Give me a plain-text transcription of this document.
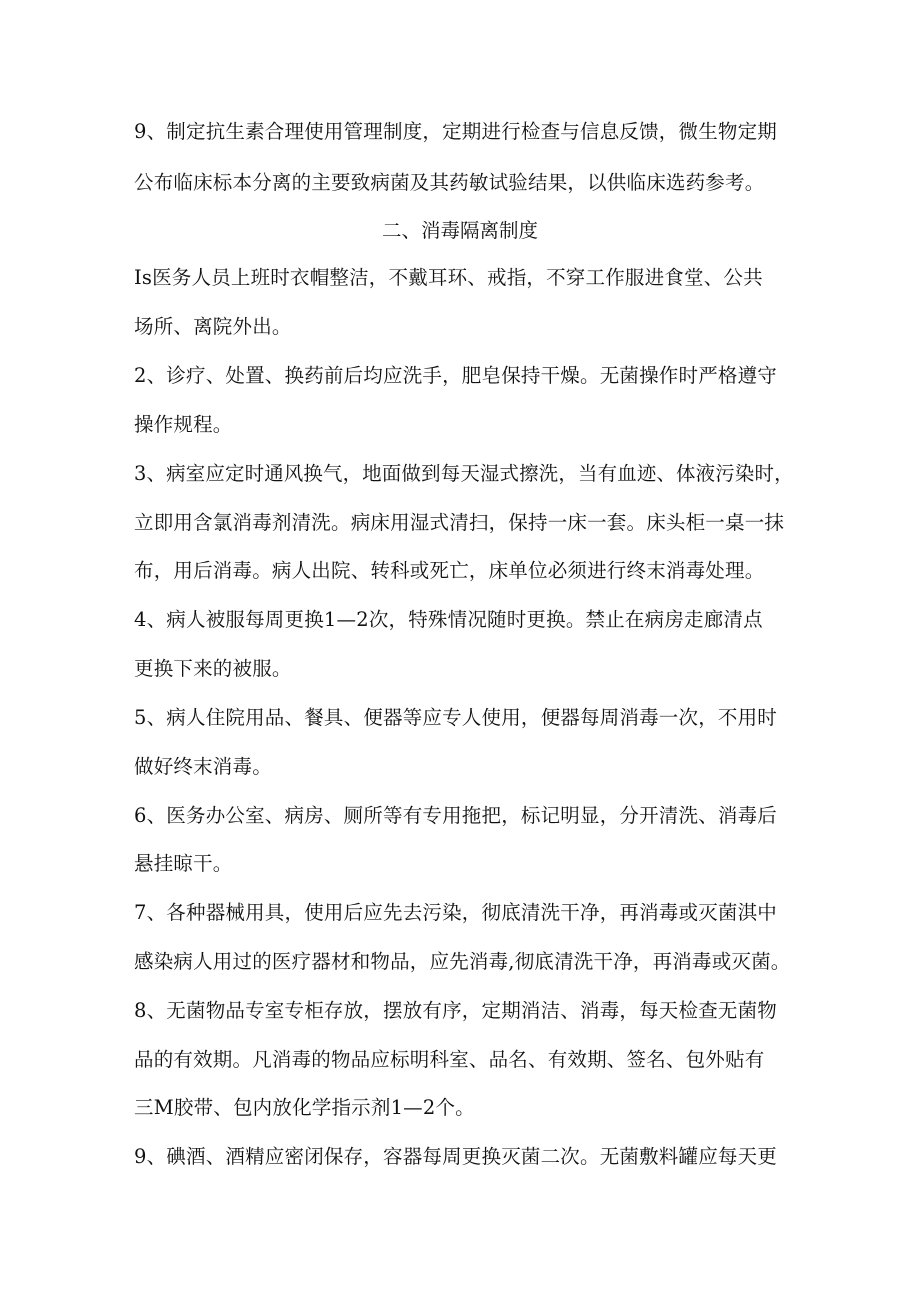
9、制定抗生素合理使用管理制度，定期进行检查与信息反馈，微生物定期
公布临床标本分离的主要致病菌及其药敏试验结果，以供临床选药参考。
二、消毒隔离制度
Is医务人员上班时衣帽整洁，不戴耳环、戒指，不穿工作服进食堂、公共
场所、离院外出。
2、诊疗、处置、换药前后均应洗手，肥皂保持干燥。无菌操作时严格遵守
操作规程。
3、病室应定时通风换气，地面做到每天湿式擦洗，当有血迹、体液污染时，
立即用含氯消毒剂清洗。病床用湿式清扫，保持一床一套。床头柜一桌一抹
布，用后消毒。病人出院、转科或死亡，床单位必须进行终末消毒处理。
4、病人被服每周更换1—2次，特殊情况随时更换。禁止在病房走廊清点
更换下来的被服。
5、病人住院用品、餐具、便器等应专人使用，便器每周消毒一次，不用时
做好终末消毒。
6、医务办公室、病房、厕所等有专用拖把，标记明显，分开清洗、消毒后
悬挂晾干。
7、各种器械用具，使用后应先去污染，彻底清洗干净，再消毒或灭菌淇中
感染病人用过的医疗器材和物品，应先消毒,彻底清洗干净，再消毒或灭菌。
8、无菌物品专室专柜存放，摆放有序，定期消洁、消毒，每天检查无菌物
品的有效期。凡消毒的物品应标明科室、品名、有效期、签名、包外贴有
三M胶带、包内放化学指示剂1—2个。
9、碘酒、酒精应密闭保存，容器每周更换灭菌二次。无菌敷料罐应每天更
